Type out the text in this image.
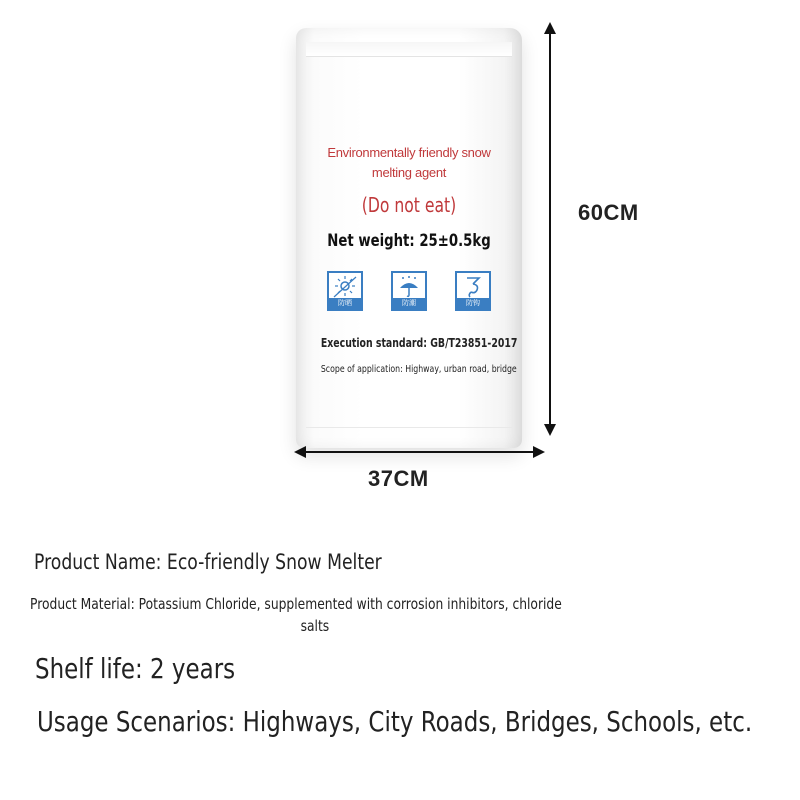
Environmentally friendly snow
melting agent
(Do not eat)
Net weight: 25±0.5kg
防晒	防潮	防钩
Execution standard: GB/T23851-2017
Scope of application: Highway, urban road, bridge
60CM
37CM
Product Name: Eco-friendly Snow Melter
Product Material: Potassium Chloride, supplemented with corrosion inhibitors, chloride
salts
Shelf life: 2 years
Usage Scenarios: Highways, City Roads, Bridges, Schools, etc.
